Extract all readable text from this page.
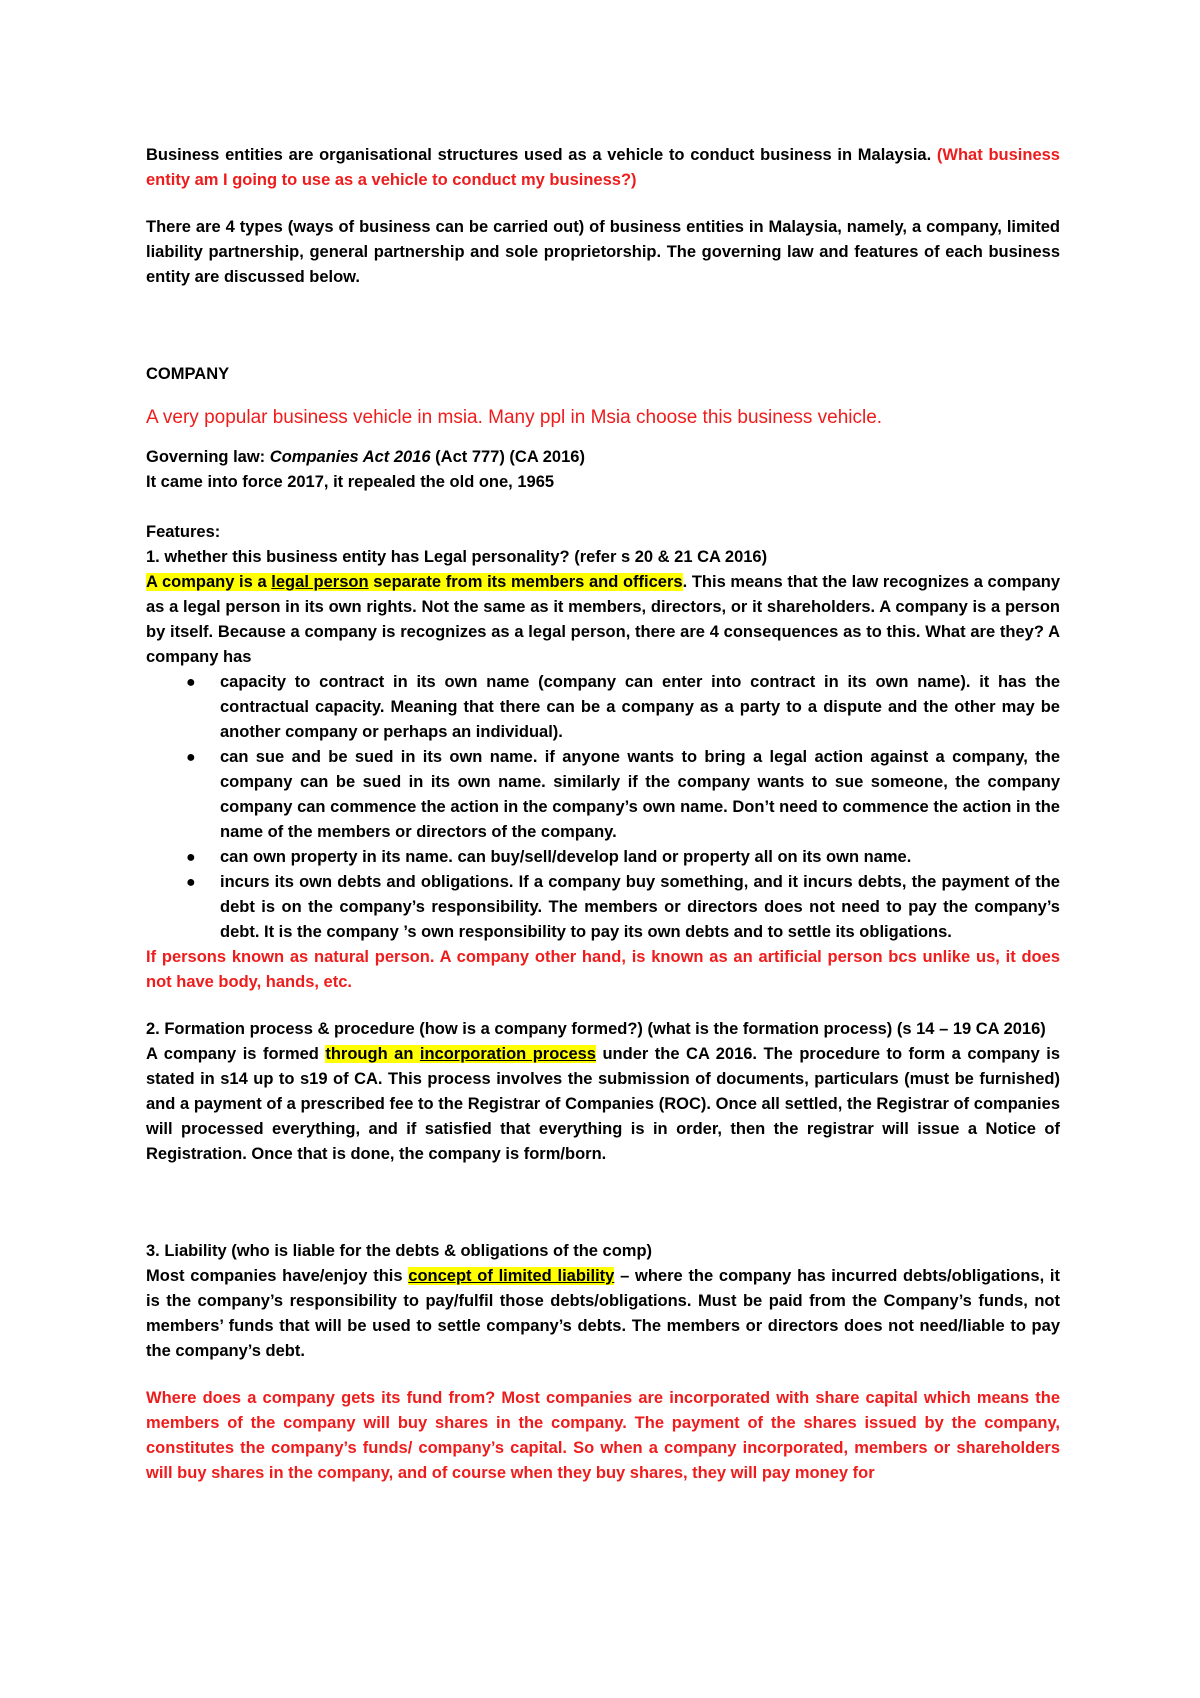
Business entities are organisational structures used as a vehicle to conduct business in Malaysia. (What business entity am I going to use as a vehicle to conduct my business?)

There are 4 types (ways of business can be carried out) of business entities in Malaysia, namely, a company, limited liability partnership, general partnership and sole proprietorship. The governing law and features of each business entity are discussed below.

COMPANY

A very popular business vehicle in msia. Many ppl in Msia choose this business vehicle.

Governing law: Companies Act 2016 (Act 777) (CA 2016)

It came into force 2017, it repealed the old one, 1965

Features:

1. whether this business entity has Legal personality? (refer s 20 & 21 CA 2016)

A company is a legal person separate from its members and officers. This means that the law recognizes a company as a legal person in its own rights. Not the same as it members, directors, or it shareholders. A company is a person by itself. Because a company is recognizes as a legal person, there are 4 consequences as to this. What are they? A company has

● capacity to contract in its own name (company can enter into contract in its own name). it has the contractual capacity. Meaning that there can be a company as a party to a dispute and the other may be another company or perhaps an individual).
● can sue and be sued in its own name. if anyone wants to bring a legal action against a company, the company can be sued in its own name. similarly if the company wants to sue someone, the company company can commence the action in the company’s own name. Don’t need to commence the action in the name of the members or directors of the company.
● can own property in its name. can buy/sell/develop land or property all on its own name.
● incurs its own debts and obligations. If a company buy something, and it incurs debts, the payment of the debt is on the company’s responsibility. The members or directors does not need to pay the company’s debt. It is the company ’s own responsibility to pay its own debts and to settle its obligations.

If persons known as natural person. A company other hand, is known as an artificial person bcs unlike us, it does not have body, hands, etc.

2. Formation process & procedure (how is a company formed?) (what is the formation process) (s 14 – 19 CA 2016)

A company is formed through an incorporation process under the CA 2016. The procedure to form a company is stated in s14 up to s19 of CA. This process involves the submission of documents, particulars (must be furnished) and a payment of a prescribed fee to the Registrar of Companies (ROC). Once all settled, the Registrar of companies will processed everything, and if satisfied that everything is in order, then the registrar will issue a Notice of Registration. Once that is done, the company is form/born.

3. Liability (who is liable for the debts & obligations of the comp)

Most companies have/enjoy this concept of limited liability – where the company has incurred debts/obligations, it is the company’s responsibility to pay/fulfil those debts/obligations. Must be paid from the Company’s funds, not members’ funds that will be used to settle company’s debts. The members or directors does not need/liable to pay the company’s debt.

Where does a company gets its fund from? Most companies are incorporated with share capital which means the members of the company will buy shares in the company. The payment of the shares issued by the company, constitutes the company’s funds/ company’s capital. So when a company incorporated, members or shareholders will buy shares in the company, and of course when they buy shares, they will pay money for
